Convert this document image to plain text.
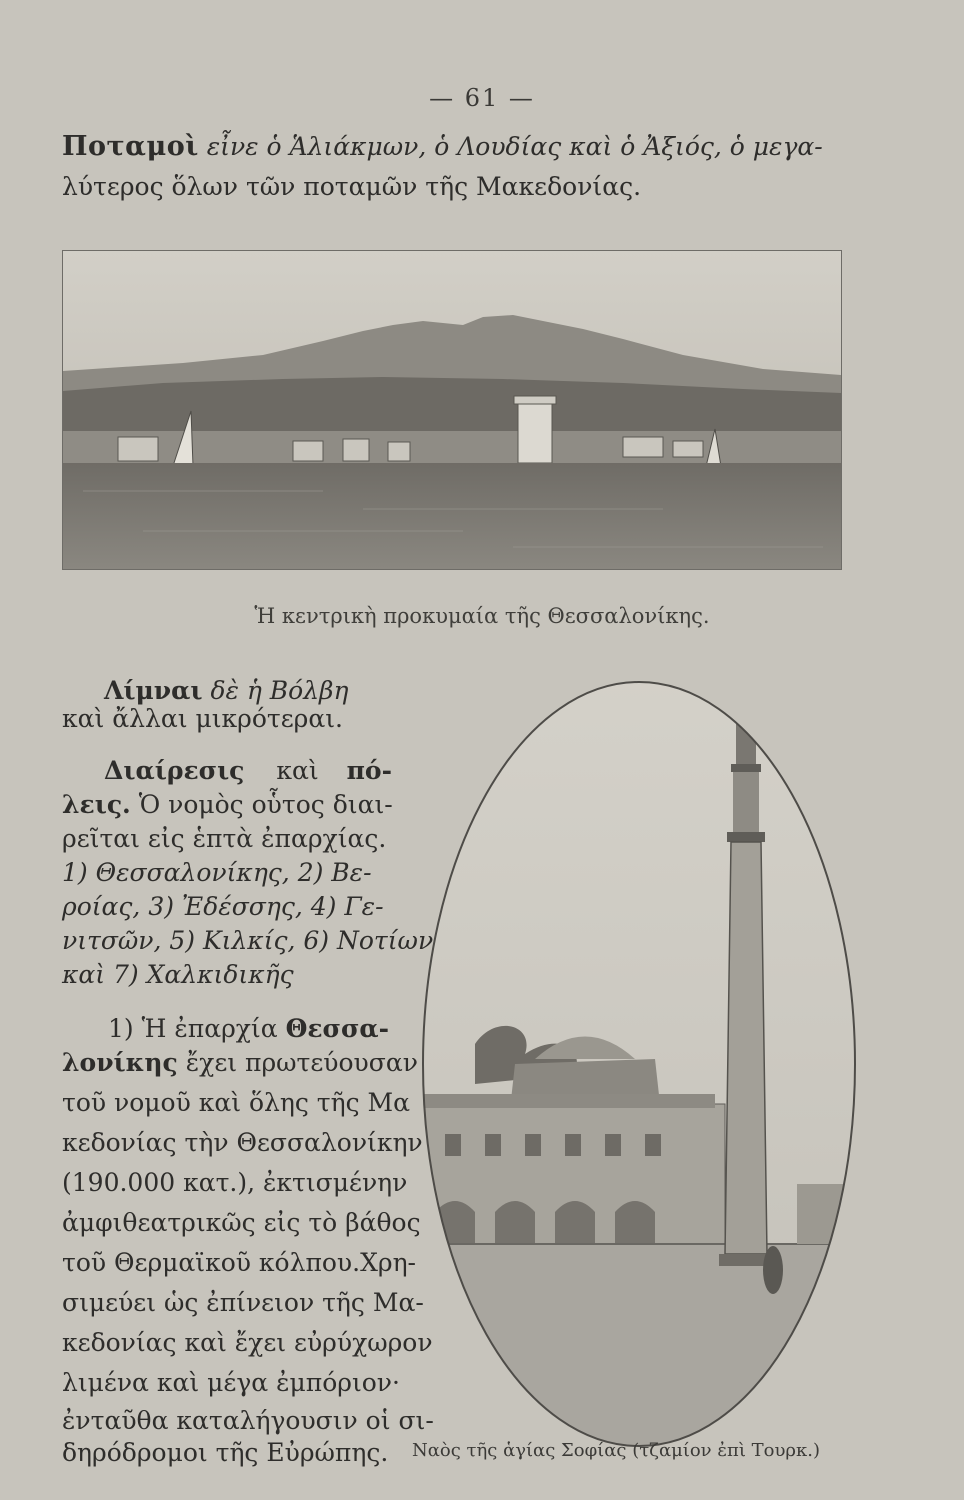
— 61 —
Ποταμοὶ εἶνε ὁ Ἁλιάκμων, ὁ Λουδίας καὶ ὁ Ἀξιός, ὁ μεγα-
λύτερος ὅλων τῶν ποταμῶν τῆς Μακεδονίας.
Ἡ κεντρικὴ προκυμαία τῆς Θεσσαλονίκης.
Λίμναι δὲ ἡ Βόλβη
καὶ ἄλλαι μικρότεραι.
Διαίρεσις καὶ πό-
λεις. Ὁ νομὸς οὗτος διαι-
ρεῖται εἰς ἑπτὰ ἐπαρχίας.
1) Θεσσαλονίκης, 2) Βε-
ροίας, 3) Ἐδέσσης, 4) Γε-
νιτσῶν, 5) Κιλκίς, 6) Νοτίων
καὶ 7) Χαλκιδικῆς
1) Ἡ ἐπαρχία Θεσσα-
λονίκης ἔχει πρωτεύουσαν
τοῦ νομοῦ καὶ ὅλης τῆς Μα
κεδονίας τὴν Θεσσαλονίκην
(190.000 κατ.), ἐκτισμένην
ἀμφιθεατρικῶς εἰς τὸ βάθος
τοῦ Θερμαϊκοῦ κόλπου.Χρη-
σιμεύει ὡς ἐπίνειον τῆς Μα-
κεδονίας καὶ ἔχει εὐρύχωρον
λιμένα καὶ μέγα ἐμπόριον·
ἐνταῦθα καταλήγουσιν οἱ σι-
δηρόδρομοι τῆς Εὐρώπης. Ναὸς τῆς ἁγίας Σοφίας (τζαμίον ἐπὶ Τουρκ.)
